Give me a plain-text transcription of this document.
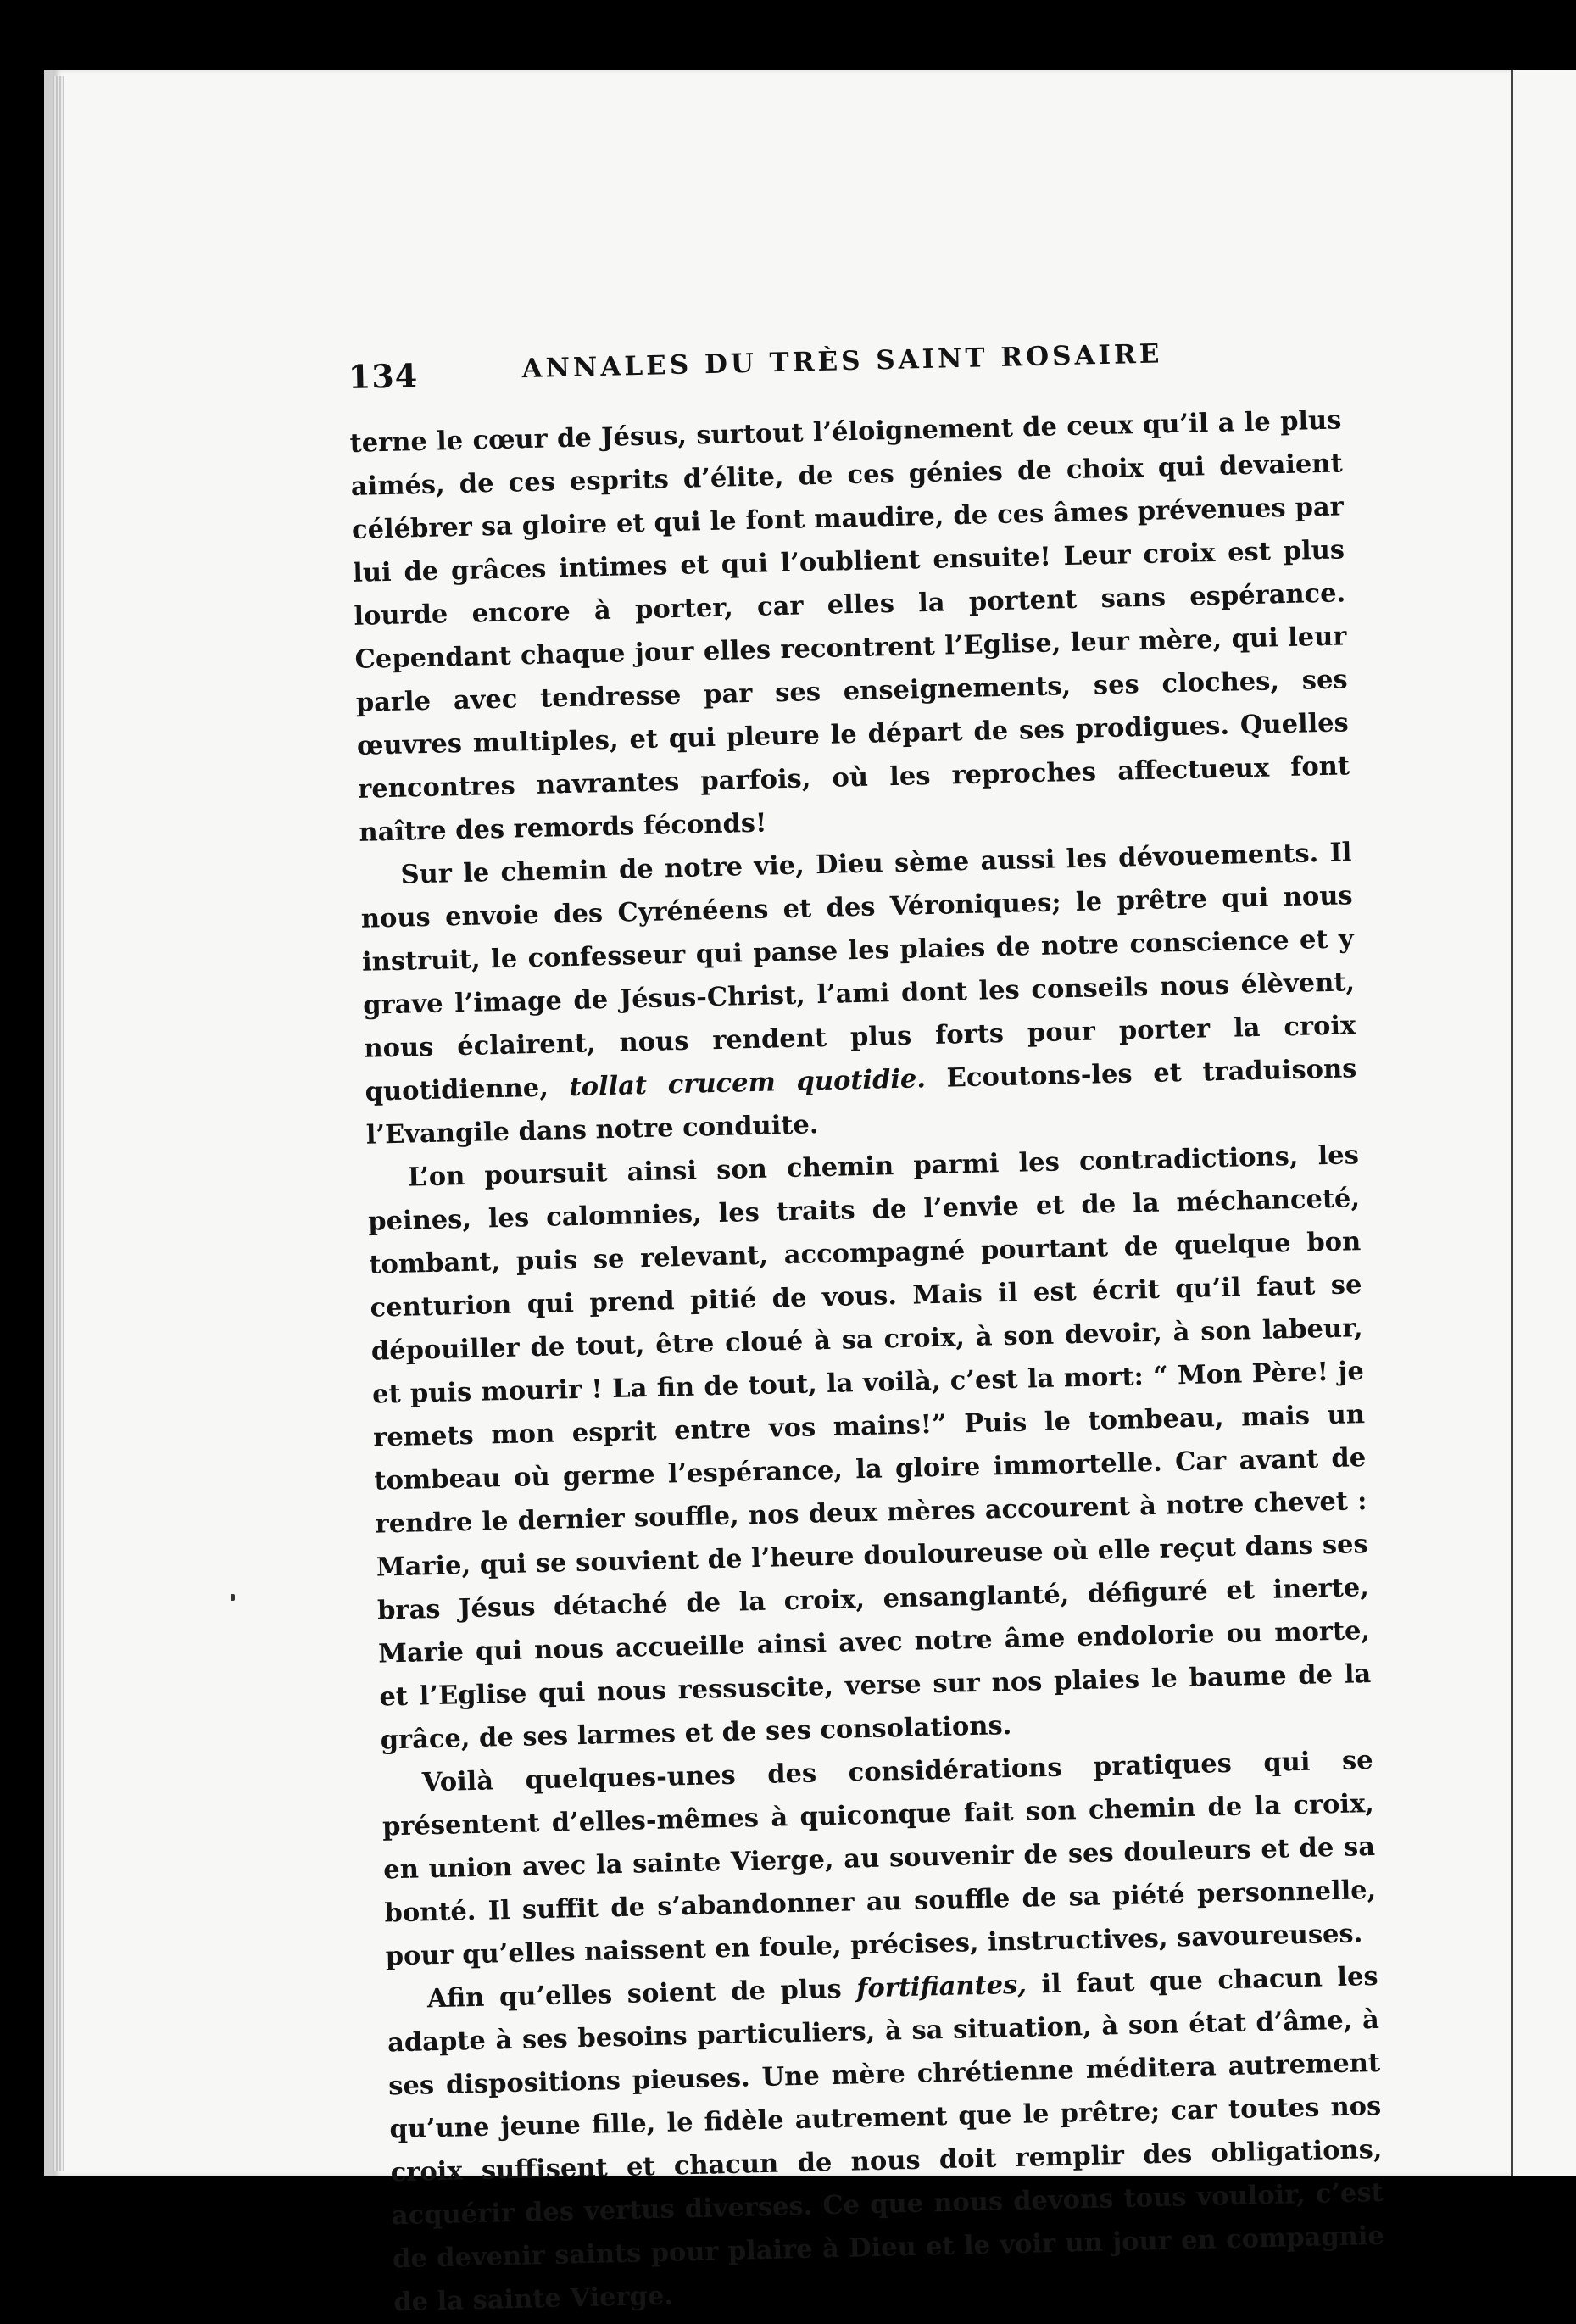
134	ANNALES DU TRÈS SAINT ROSAIRE

terne le cœur de Jésus, surtout l’éloignement de ceux qu’il a le plus aimés, de ces esprits d’élite, de ces génies de choix qui devaient célébrer sa gloire et qui le font maudire, de ces âmes prévenues par lui de grâces intimes et qui l’oublient ensuite! Leur croix est plus lourde encore à porter, car elles la portent sans espérance. Cependant chaque jour elles recontrent l’Eglise, leur mère, qui leur parle avec tendresse par ses enseignements, ses cloches, ses œuvres multiples, et qui pleure le départ de ses prodigues. Quelles rencontres navrantes parfois, où les reproches affectueux font naître des remords féconds!

Sur le chemin de notre vie, Dieu sème aussi les dévouements. Il nous envoie des Cyrénéens et des Véroniques; le prêtre qui nous instruit, le confesseur qui panse les plaies de notre conscience et y grave l’image de Jésus-Christ, l’ami dont les conseils nous élèvent, nous éclairent, nous rendent plus forts pour porter la croix quotidienne, tollat crucem quotidie. Ecoutons-les et traduisons l’Evangile dans notre conduite.

L’on poursuit ainsi son chemin parmi les contradictions, les peines, les calomnies, les traits de l’envie et de la méchanceté, tombant, puis se relevant, accompagné pourtant de quelque bon centurion qui prend pitié de vous. Mais il est écrit qu’il faut se dépouiller de tout, être cloué à sa croix, à son devoir, à son labeur, et puis mourir ! La fin de tout, la voilà, c’est la mort: “ Mon Père! je remets mon esprit entre vos mains!” Puis le tombeau, mais un tombeau où germe l’espérance, la gloire immortelle. Car avant de rendre le dernier souffle, nos deux mères accourent à notre chevet : Marie, qui se souvient de l’heure douloureuse où elle reçut dans ses bras Jésus détaché de la croix, ensanglanté, défiguré et inerte, Marie qui nous accueille ainsi avec notre âme endolorie ou morte, et l’Eglise qui nous ressuscite, verse sur nos plaies le baume de la grâce, de ses larmes et de ses consolations.

Voilà quelques-unes des considérations pratiques qui se présentent d’elles-mêmes à quiconque fait son chemin de la croix, en union avec la sainte Vierge, au souvenir de ses douleurs et de sa bonté. Il suffit de s’abandonner au souffle de sa piété personnelle, pour qu’elles naissent en foule, précises, instructives, savoureuses.

Afin qu’elles soient de plus fortifiantes, il faut que chacun les adapte à ses besoins particuliers, à sa situation, à son état d’âme, à ses dispositions pieuses. Une mère chrétienne méditera autrement qu’une jeune fille, le fidèle autrement que le prêtre; car toutes nos croix suffisent et chacun de nous doit remplir des obligations, acquérir des vertus diverses. Ce que nous devons tous vouloir, c’est de devenir saints pour plaire à Dieu et le voir un jour en compagnie de la sainte Vierge.
